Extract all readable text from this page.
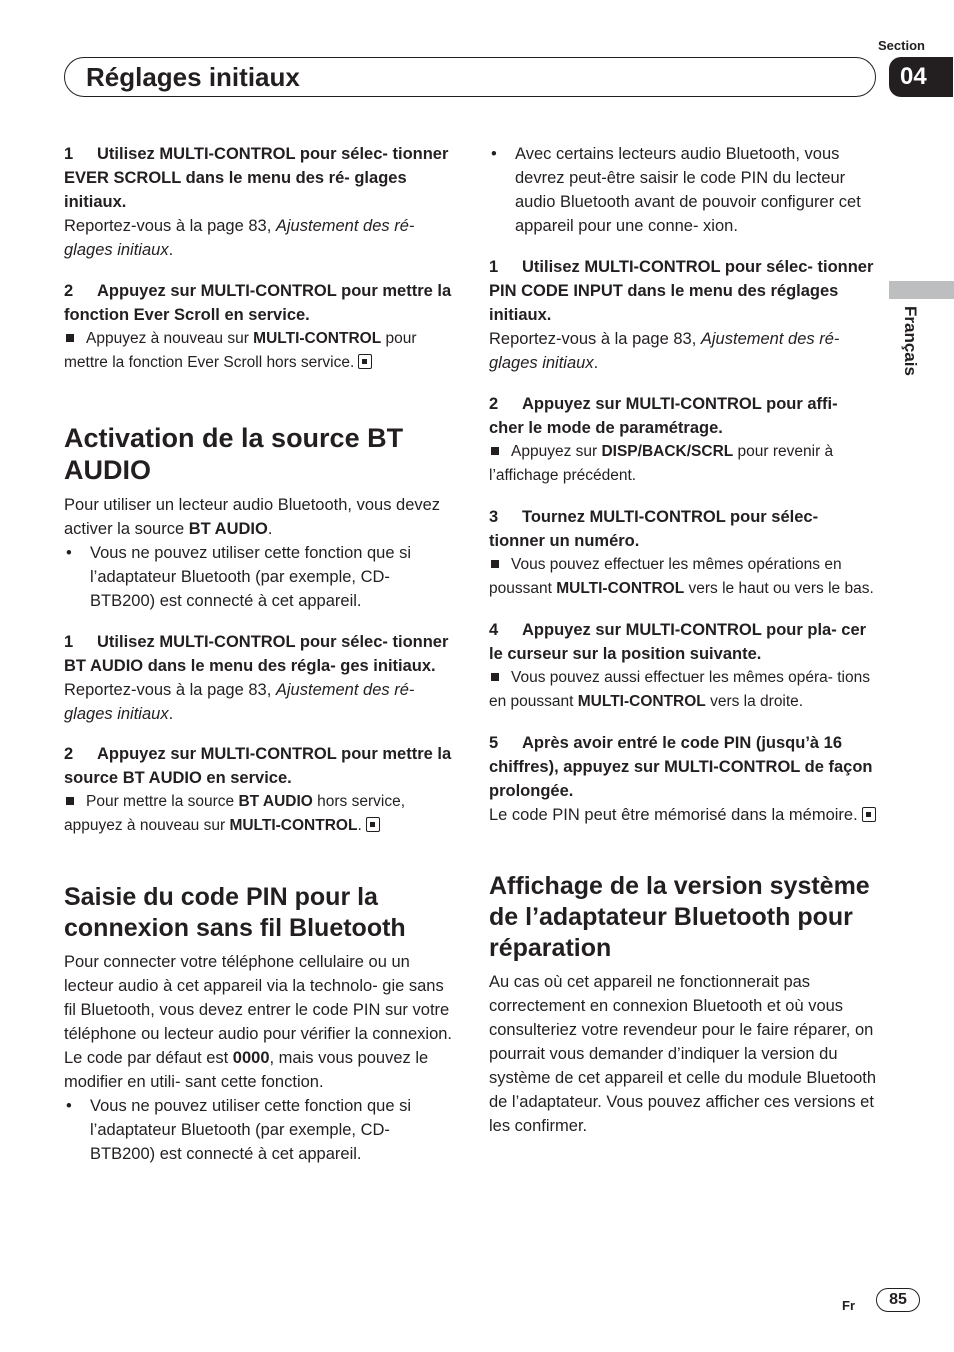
Section
04
Réglages initiaux
Français

1 Utilisez MULTI-CONTROL pour sélec- tionner EVER SCROLL dans le menu des ré- glages initiaux.

Reportez-vous à la page 83, Ajustement des ré- glages initiaux.

2 Appuyez sur MULTI-CONTROL pour mettre la fonction Ever Scroll en service.

Appuyez à nouveau sur MULTI-CONTROL pour mettre la fonction Ever Scroll hors service.

Activation de la source BT AUDIO

Pour utiliser un lecteur audio Bluetooth, vous devez activer la source BT AUDIO.

• Vous ne pouvez utiliser cette fonction que si l’adaptateur Bluetooth (par exemple, CD- BTB200) est connecté à cet appareil.

1 Utilisez MULTI-CONTROL pour sélec- tionner BT AUDIO dans le menu des régla- ges initiaux.

Reportez-vous à la page 83, Ajustement des ré- glages initiaux.

2 Appuyez sur MULTI-CONTROL pour mettre la source BT AUDIO en service.

Pour mettre la source BT AUDIO hors service, appuyez à nouveau sur MULTI-CONTROL.

Saisie du code PIN pour la connexion sans fil Bluetooth

Pour connecter votre téléphone cellulaire ou un lecteur audio à cet appareil via la technolo- gie sans fil Bluetooth, vous devez entrer le code PIN sur votre téléphone ou lecteur audio pour vérifier la connexion. Le code par défaut est 0000, mais vous pouvez le modifier en utili- sant cette fonction.

• Vous ne pouvez utiliser cette fonction que si l’adaptateur Bluetooth (par exemple, CD- BTB200) est connecté à cet appareil.

• Avec certains lecteurs audio Bluetooth, vous devrez peut-être saisir le code PIN du lecteur audio Bluetooth avant de pouvoir configurer cet appareil pour une conne- xion.

1 Utilisez MULTI-CONTROL pour sélec- tionner PIN CODE INPUT dans le menu des réglages initiaux.

Reportez-vous à la page 83, Ajustement des ré- glages initiaux.

2 Appuyez sur MULTI-CONTROL pour affi- cher le mode de paramétrage.

Appuyez sur DISP/BACK/SCRL pour revenir à l’affichage précédent.

3 Tournez MULTI-CONTROL pour sélec- tionner un numéro.

Vous pouvez effectuer les mêmes opérations en poussant MULTI-CONTROL vers le haut ou vers le bas.

4 Appuyez sur MULTI-CONTROL pour pla- cer le curseur sur la position suivante.

Vous pouvez aussi effectuer les mêmes opéra- tions en poussant MULTI-CONTROL vers la droite.

5 Après avoir entré le code PIN (jusqu’à 16 chiffres), appuyez sur MULTI-CONTROL de façon prolongée.

Le code PIN peut être mémorisé dans la mémoire.

Affichage de la version système de l’adaptateur Bluetooth pour réparation

Au cas où cet appareil ne fonctionnerait pas correctement en connexion Bluetooth et où vous consulteriez votre revendeur pour le faire réparer, on pourrait vous demander d’indiquer la version du système de cet appareil et celle du module Bluetooth de l’adaptateur. Vous pouvez afficher ces versions et les confirmer.

Fr	85
